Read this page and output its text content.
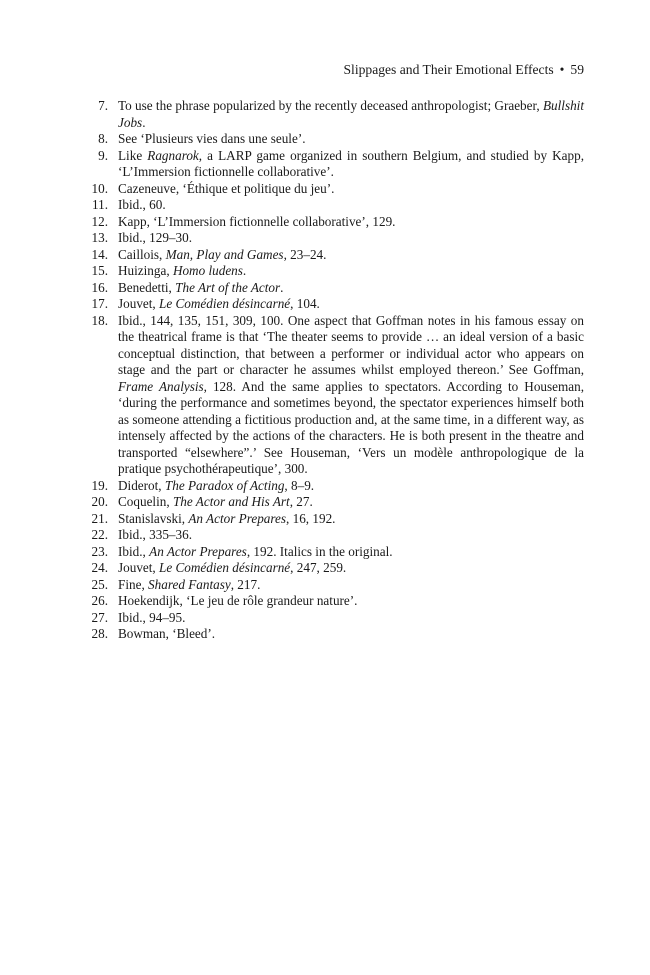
Slippages and Their Emotional Effects • 59
7. To use the phrase popularized by the recently deceased anthropologist; Graeber, Bullshit Jobs.
8. See ‘Plusieurs vies dans une seule’.
9. Like Ragnarok, a LARP game organized in southern Belgium, and studied by Kapp, ‘L’Immersion fictionnelle collaborative’.
10. Cazeneuve, ‘Éthique et politique du jeu’.
11. Ibid., 60.
12. Kapp, ‘L’Immersion fictionnelle collaborative’, 129.
13. Ibid., 129–30.
14. Caillois, Man, Play and Games, 23–24.
15. Huizinga, Homo ludens.
16. Benedetti, The Art of the Actor.
17. Jouvet, Le Comédien désincarné, 104.
18. Ibid., 144, 135, 151, 309, 100. One aspect that Goffman notes in his famous essay on the theatrical frame is that ‘The theater seems to provide … an ideal version of a basic conceptual distinction, that between a performer or individual actor who appears on stage and the part or character he assumes whilst employed thereon.’ See Goffman, Frame Analysis, 128. And the same applies to spectators. According to Houseman, ‘during the performance and sometimes beyond, the spectator experiences himself both as someone attending a fictitious production and, at the same time, in a different way, as intensely affected by the actions of the characters. He is both present in the theatre and transported “elsewhere”.’ See Houseman, ‘Vers un modèle anthropologique de la pratique psychothérapeutique’, 300.
19. Diderot, The Paradox of Acting, 8–9.
20. Coquelin, The Actor and His Art, 27.
21. Stanislavski, An Actor Prepares, 16, 192.
22. Ibid., 335–36.
23. Ibid., An Actor Prepares, 192. Italics in the original.
24. Jouvet, Le Comédien désincarné, 247, 259.
25. Fine, Shared Fantasy, 217.
26. Hoekendijk, ‘Le jeu de rôle grandeur nature’.
27. Ibid., 94–95.
28. Bowman, ‘Bleed’.
